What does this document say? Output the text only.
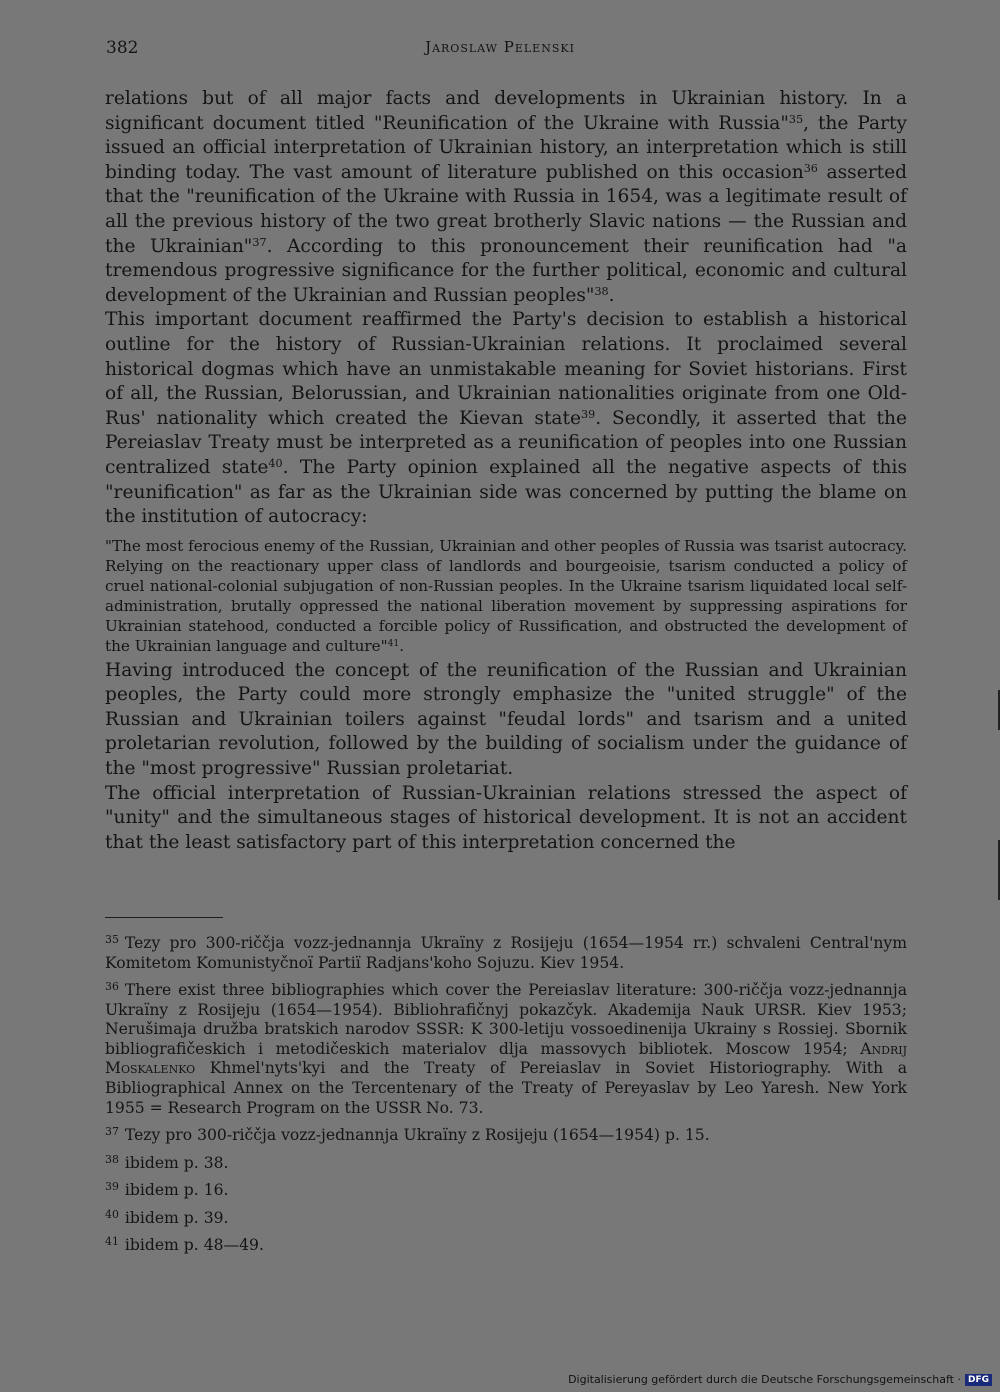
382	Jaroslaw Pelenski

relations but of all major facts and developments in Ukrainian history. In a significant document titled "Reunification of the Ukraine with Russia"$^{35}$, the Party issued an official interpretation of Ukrainian history, an interpretation which is still binding today. The vast amount of literature published on this occasion$^{36}$ asserted that the "reunification of the Ukraine with Russia in 1654, was a legitimate result of all the previous history of the two great brotherly Slavic nations — the Russian and the Ukrainian"$^{37}$. According to this pronouncement their reunification had "a tremendous progressive significance for the further political, economic and cultural development of the Ukrainian and Russian peoples"$^{38}$.

This important document reaffirmed the Party's decision to establish a historical outline for the history of Russian-Ukrainian relations. It proclaimed several historical dogmas which have an unmistakable meaning for Soviet historians. First of all, the Russian, Belorussian, and Ukrainian nationalities originate from one Old-Rus' nationality which created the Kievan state$^{39}$. Secondly, it asserted that the Pereiaslav Treaty must be interpreted as a reunification of peoples into one Russian centralized state$^{40}$. The Party opinion explained all the negative aspects of this "reunification" as far as the Ukrainian side was concerned by putting the blame on the institution of autocracy:

"The most ferocious enemy of the Russian, Ukrainian and other peoples of Russia was tsarist autocracy. Relying on the reactionary upper class of landlords and bourgeoisie, tsarism conducted a policy of cruel national-colonial subjugation of non-Russian peoples. In the Ukraine tsarism liquidated local self-administration, brutally oppressed the national liberation movement by suppressing aspirations for Ukrainian statehood, conducted a forcible policy of Russification, and obstructed the development of the Ukrainian language and culture"$^{41}$.

Having introduced the concept of the reunification of the Russian and Ukrainian peoples, the Party could more strongly emphasize the "united struggle" of the Russian and Ukrainian toilers against "feudal lords" and tsarism and a united proletarian revolution, followed by the building of socialism under the guidance of the "most progressive" Russian proletariat.

The official interpretation of Russian-Ukrainian relations stressed the aspect of "unity" and the simultaneous stages of historical development. It is not an accident that the least satisfactory part of this interpretation concerned the

$^{35}$ Tezy pro 300-riččja vozz-jednannja Ukraïny z Rosijeju (1654—1954 rr.) schvaleni Central'nym Komitetom Komunistyčnoï Partiï Radjans'koho Sojuzu. Kiev 1954.

$^{36}$ There exist three bibliographies which cover the Pereiaslav literature: 300-riččja vozz-jednannja Ukraïny z Rosijeju (1654—1954). Bibliohrafičnyj pokazčyk. Akademija Nauk URSR. Kiev 1953; Nerušimaja družba bratskich narodov SSSR: K 300-letiju vossoedinenija Ukrainy s Rossiej. Sbornik bibliografičeskich i metodičeskich materialov dlja massovych bibliotek. Moscow 1954; Andrij Moskalenko Khmel'nyts'kyi and the Treaty of Pereiaslav in Soviet Historiography. With a Bibliographical Annex on the Tercentenary of the Treaty of Pereyaslav by Leo Yaresh. New York 1955 = Research Program on the USSR No. 73.

$^{37}$ Tezy pro 300-riččja vozz-jednannja Ukraïny z Rosijeju (1654—1954) p. 15.

$^{38}$ ibidem p. 38.

$^{39}$ ibidem p. 16.

$^{40}$ ibidem p. 39.

$^{41}$ ibidem p. 48—49.

Digitalisierung gefördert durch die Deutsche Forschungsgemeinschaft · DFG
